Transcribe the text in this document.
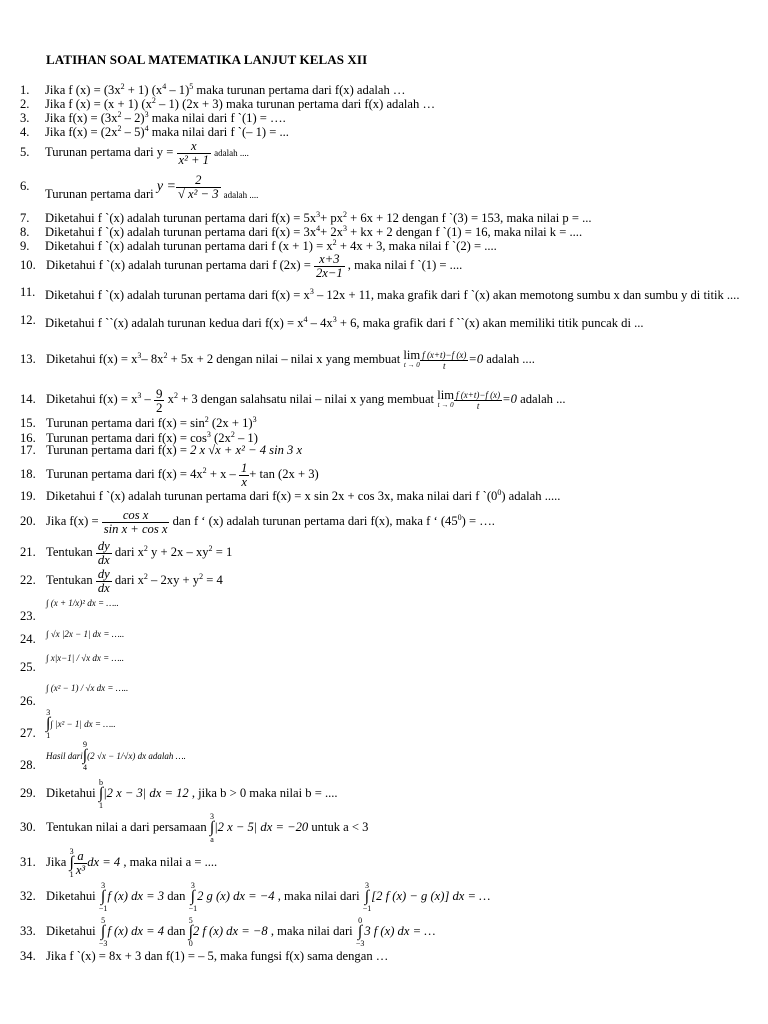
LATIHAN SOAL MATEMATIKA LANJUT KELAS XII
1. Jika f $(x) = (3x^2 + 1)$ $(x^4 - 1)^5$ maka turunan pertama dari f(x) adalah …
2. Jika f (x) = (x + 1) $(x^2 - 1) (2x + 3)$ maka turunan pertama dari f(x) adalah …
3. Jika $f(x) = (3x^2 - 2)^3$ maka nilai dari f `(1) = ….
4. Jika $f(x) = (2x^2 - 5)^4$ maka nilai dari f `(– 1) = ...
5. Turunan pertama dari $y = \frac{x}{\text{x² + 1}}$ adalah ....
6.Turunan pertama dari $y = \frac{2}{\text{√ x² − 3}} _{adalah ....}$
7. Diketahui f `(x) adalah turunan pertama dari $f(x) = 5x^3+ px^2 + 6x + 12$ dengan f `(3) = 153, maka nilai p = ...
8. Diketahui f `(x) adalah turunan pertama dari $f(x) = 3x^4+ 2x^3$ + kx + 2 dengan f `(1) = 16, maka nilai k = ....
9. Diketahui f `(x) adalah turunan pertama dari f $(x + 1) = x^2 + 4x + 3$, maka nilai f `(2) = ....
10. Diketahui f `(x) adalah turunan pertama dari f $(2x) = \frac{x+3}{2x-1}$ , maka nilai f `(1) = ....
11. Diketahui f `(x) adalah turunan pertama dari $f(x) = x^3 - 12x + 11$, maka grafik dari f `(x) akan memotong sumbu x dan sumbu y di titik ....
12. Diketahui f ``(x) adalah turunan kedua dari $f(x) = x^4 - 4x^3 + 6$, maka grafik dari f ``(x) akan memiliki titik puncak di ...
13. Diketahui $f(x) = x^3-$ $8x^2 + 5x + 2$ dengan nilai – nilai x yang membuat lim
$t \to 0 \frac{f (x+t)-f (x)}{t} =0$ adalah ....
14. Diketahui $f(x) = x^3 - \frac{9}{2} x^2 + 3$ dengan salahsatu nilai – nilai x yang membuat lim
$t \to 0 \frac{f (x+t)-f (x)}{t} =0$ adalah ...
15. Turunan pertama dari $f(x) = \sin^2 (2x + 1)^3$
16. Turunan pertama dari $f(x) = \cos^3 (2x^2 - 1)$
17. Turunan pertama dari f(x) = 2 x √x + x² − 4 sin 3 x
18. Turunan pertama dari $f(x) = 4x^2 + x - \frac{1}{x} + \tan (2x + 3)$
19. Diketahui f `(x) adalah turunan pertama dari f(x) = x sin 2x + cos 3x, maka nilai dari f $`(0^0)$ adalah .....
20. Jika $f(x) = \frac{\text{cos x}}{\text{sin x + cos x}}$ dan f ‘ (x) adalah turunan pertama dari f(x), maka f ‘ $(45^0)$ = ….
21. Tentukan $\frac{dy}{dx}$ dari $x^2$ $y + 2x - xy^2 = 1$
22. Tentukan $\frac{dy}{dx}$ dari $x^2 - 2xy + y^2 = 4$
23.∫ (x + 1/x)² dx = …..
24. ∫ √x |2x − 1| dx = …..
25.∫ x|x−1| / √x dx = …..
26.∫ (x² − 1) / √x dx = …..
27.3
∫
1∫ |x² − 1| dx = …..
28.Hasil dari9
∫
4(2 √x − 1/√x) dx adalah ….
29. Diketahui b
∫
1|2 x − 3| dx = 12 , jika b > 0 maka nilai b = ....
30. Tentukan nilai a dari persamaan 3
∫
a|2 x − 5| dx = −20 untuk a < 3
31. Jika 3
∫
$1 \frac{a}{\text{x³}}$ dx = 4 , maka nilai a = ....
32. Diketahui 3
∫
−1f (x) dx = 3 dan 3
∫
−12 g (x) dx = −4 , maka nilai dari 3
∫
−1[2 f (x) − g (x)] dx = …
33. Diketahui 5
∫
−3f (x) dx = 4 dan 5
∫
02 f (x) dx = −8 , maka nilai dari 0
∫
−33 f (x) dx = …
34. Jika f `(x) = 8x + 3 dan f(1) = – 5, maka fungsi f(x) sama dengan …
